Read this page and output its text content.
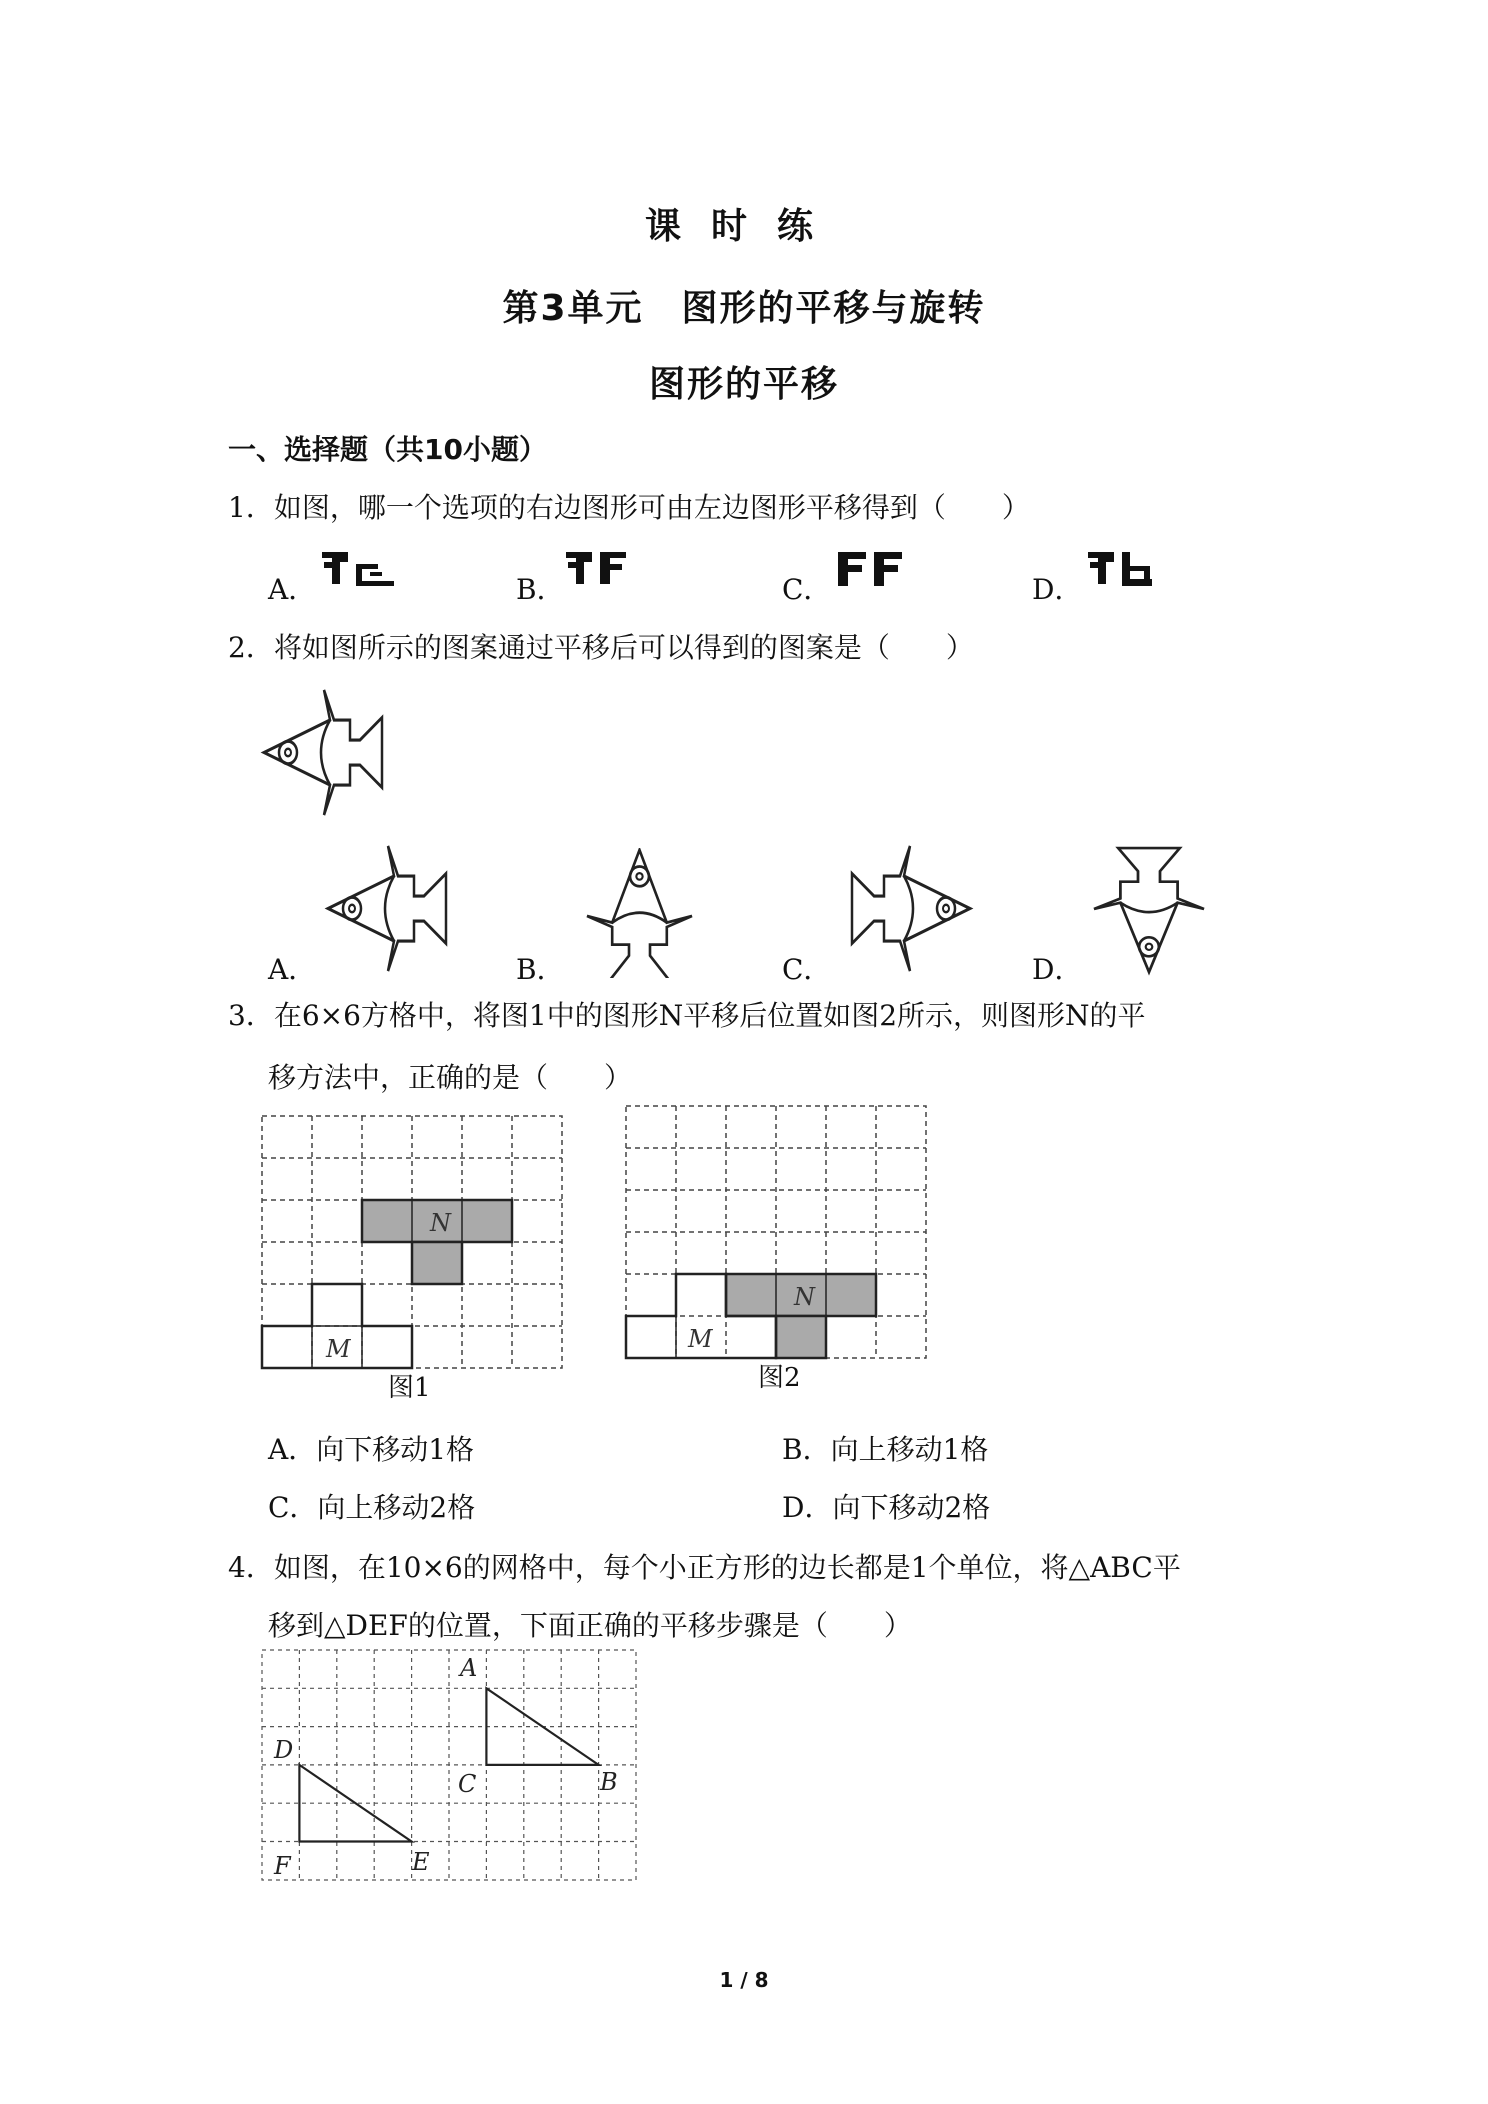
课时练
第3单元　图形的平移与旋转
图形的平移
一、选择题（共10小题）
1．如图，哪一个选项的右边图形可由左边图形平移得到（　　）
A．	B．	C．	D．
2．将如图所示的图案通过平移后可以得到的图案是（　　）
A．	B．	C．	D．
3．在6×6方格中，将图1中的图形N平移后位置如图2所示，则图形N的平
移方法中，正确的是（　　）
N
M
图1
N
M
图2
A．向下移动1格	B．向上移动1格
C．向上移动2格	D．向下移动2格
4．如图，在10×6的网格中，每个小正方形的边长都是1个单位，将△ABC平
移到△DEF的位置，下面正确的平移步骤是（　　）
A
B
C
D
E
F
1 / 8
